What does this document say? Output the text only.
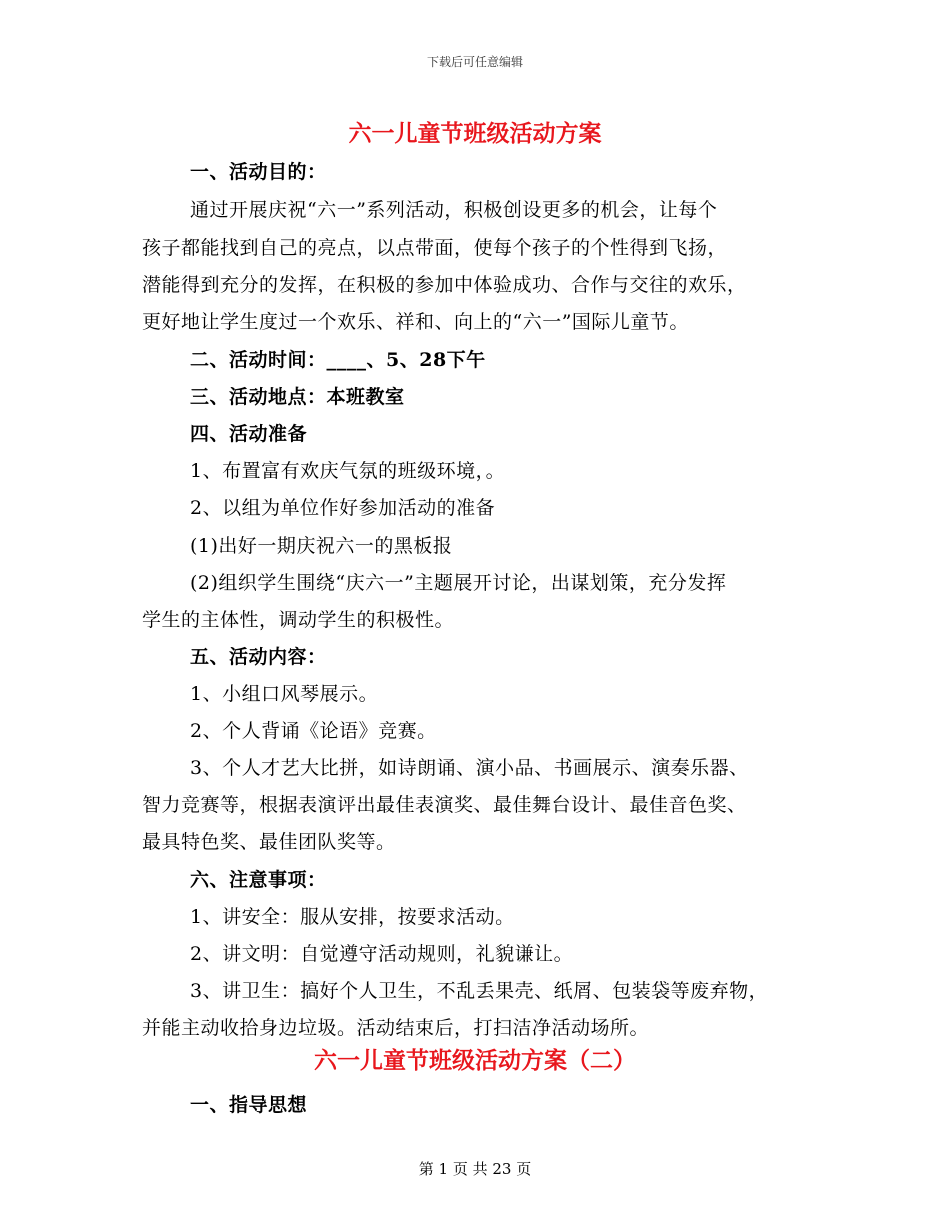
下载后可任意编辑
六一儿童节班级活动方案
一、活动目的：
通过开展庆祝“六一”系列活动，积极创设更多的机会，让每个
孩子都能找到自己的亮点，以点带面，使每个孩子的个性得到飞扬，
潜能得到充分的发挥，在积极的参加中体验成功、合作与交往的欢乐，
更好地让学生度过一个欢乐、祥和、向上的“六一”国际儿童节。
二、活动时间：____、5、28下午
三、活动地点：本班教室
四、活动准备
1、布置富有欢庆气氛的班级环境，。
2、以组为单位作好参加活动的准备
(1)出好一期庆祝六一的黑板报
(2)组织学生围绕“庆六一”主题展开讨论，出谋划策，充分发挥
学生的主体性，调动学生的积极性。
五、活动内容：
1、小组口风琴展示。
2、个人背诵《论语》竞赛。
3、个人才艺大比拼，如诗朗诵、演小品、书画展示、演奏乐器、
智力竞赛等，根据表演评出最佳表演奖、最佳舞台设计、最佳音色奖、
最具特色奖、最佳团队奖等。
六、注意事项：
1、讲安全：服从安排，按要求活动。
2、讲文明：自觉遵守活动规则，礼貌谦让。
3、讲卫生：搞好个人卫生，不乱丢果壳、纸屑、包装袋等废弃物，
并能主动收拾身边垃圾。活动结束后，打扫洁净活动场所。
六一儿童节班级活动方案（二）
一、指导思想
第 1 页 共 23 页
